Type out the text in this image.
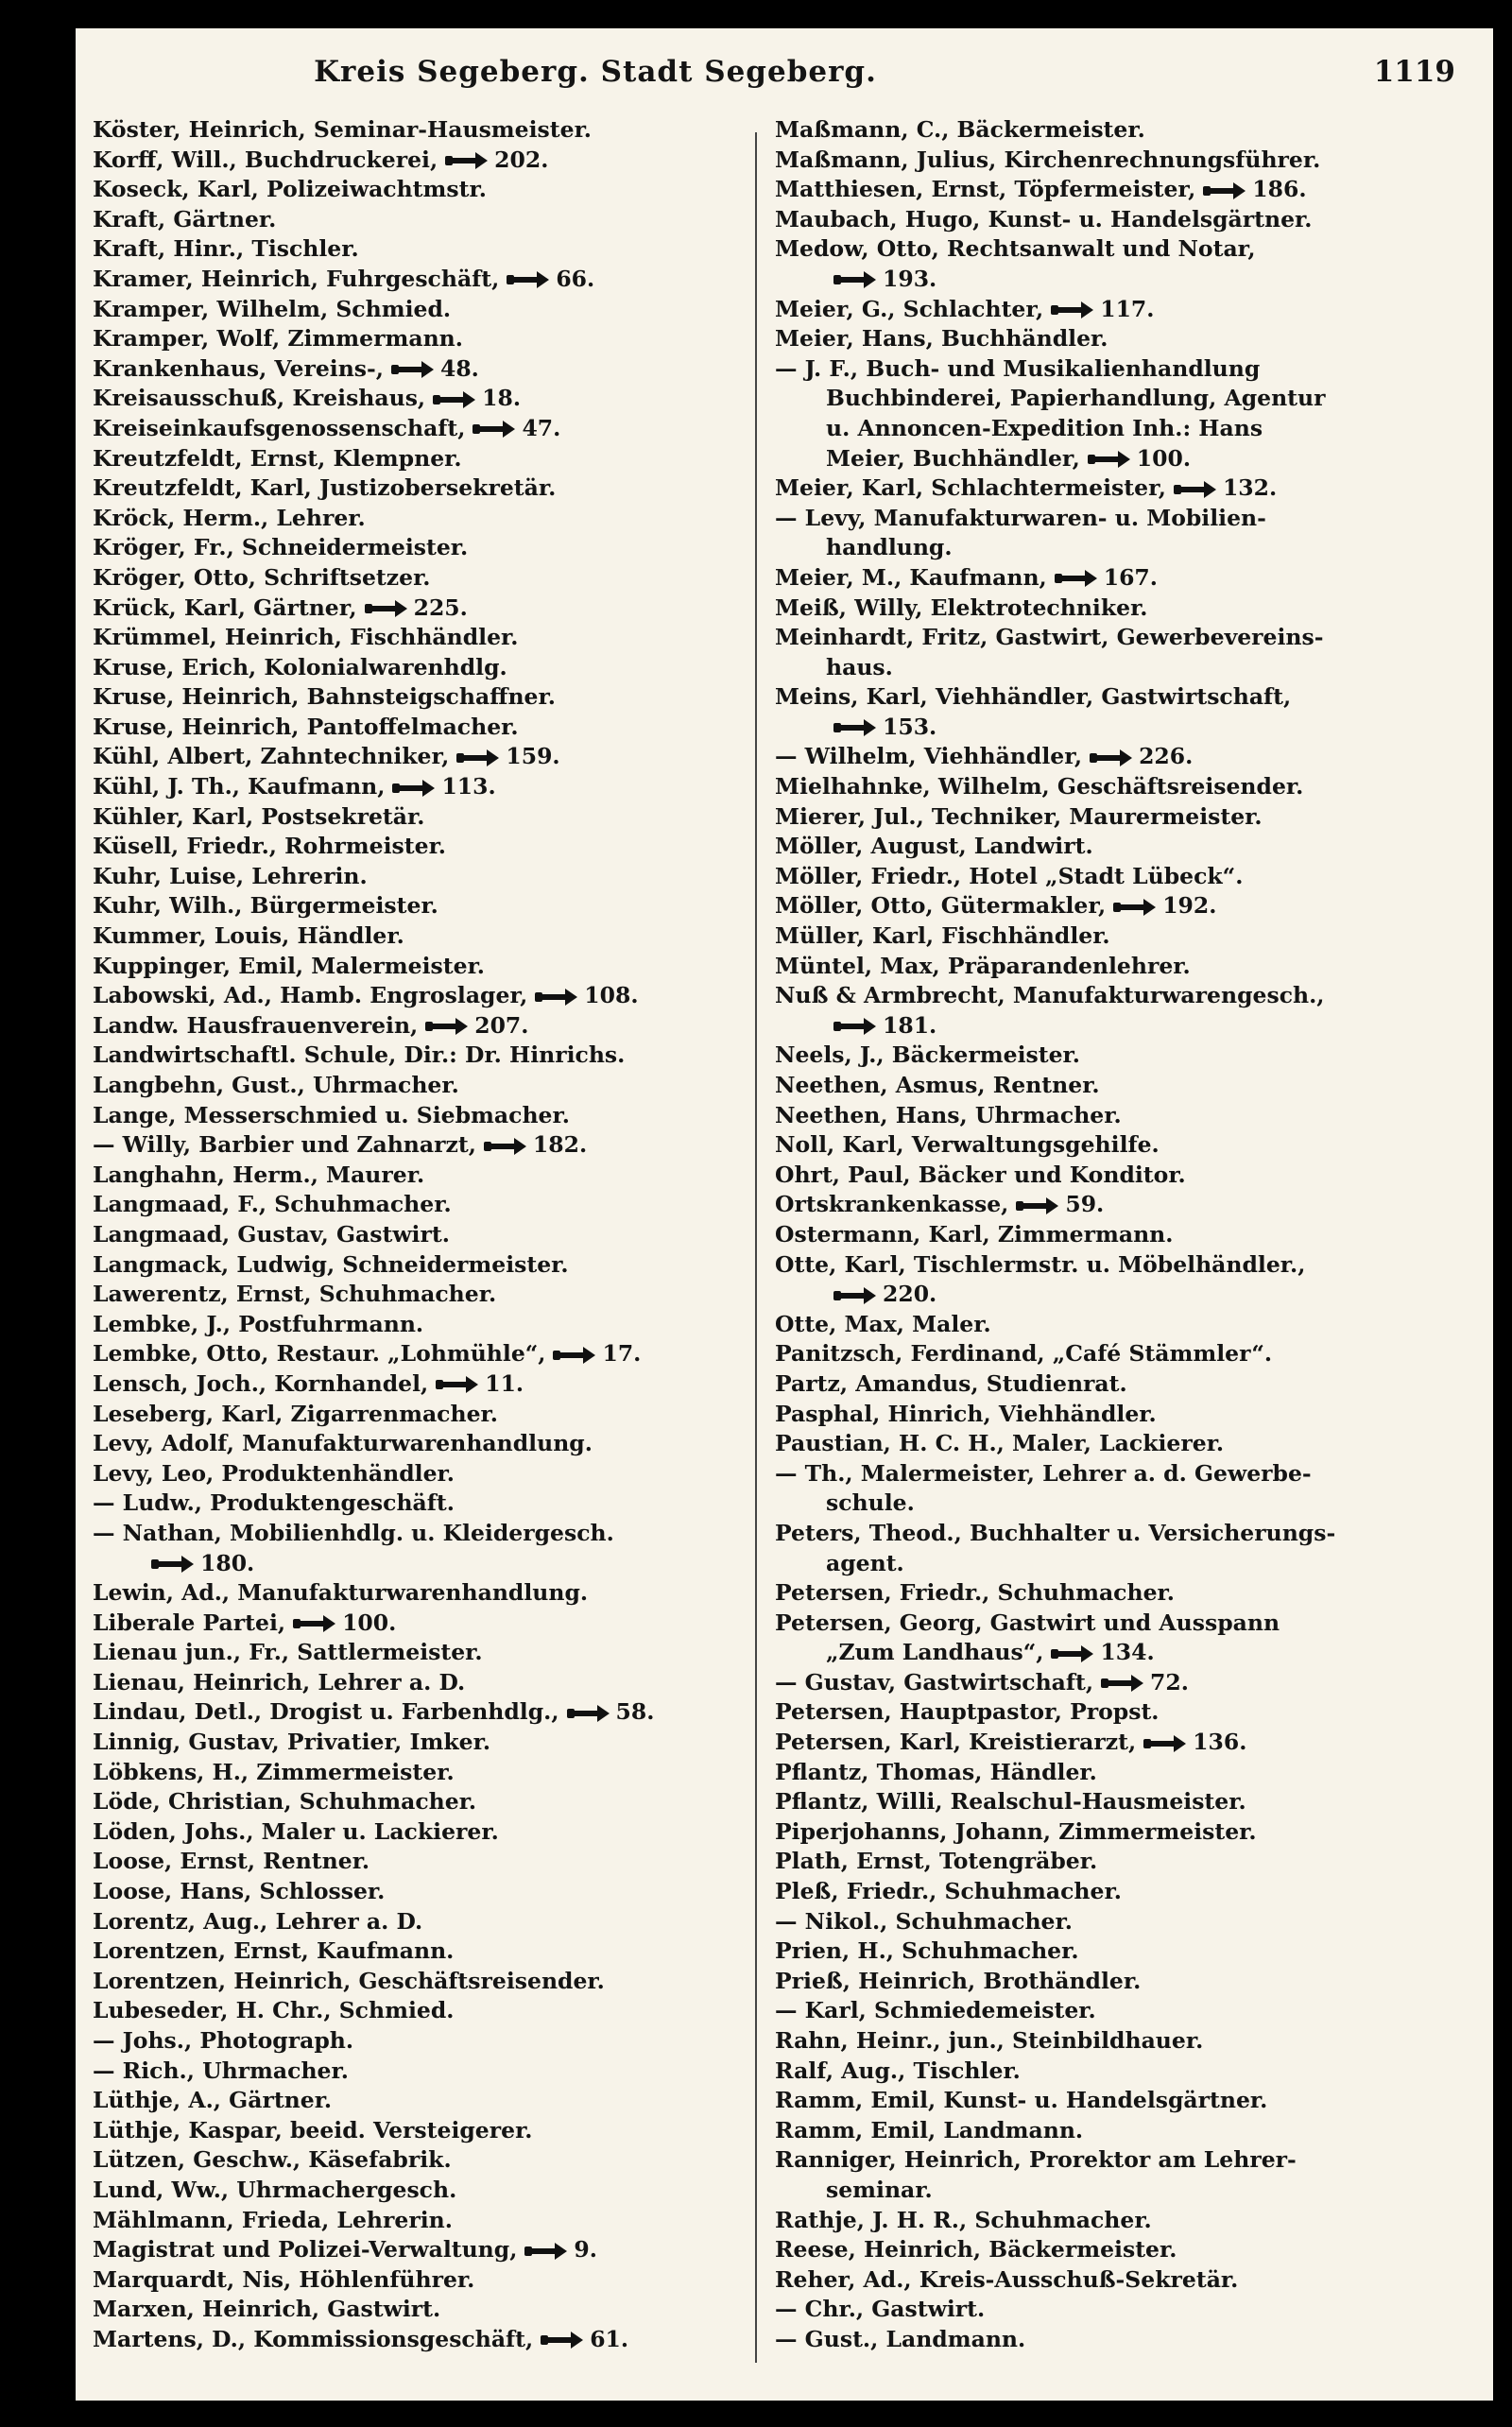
Kreis Segeberg. Stadt Segeberg.	1119
Köster, Heinrich, Seminar-Hausmeister.
Korff, Will., Buchdruckerei,	202.
Koseck, Karl, Polizeiwachtmstr.
Kraft, Gärtner.
Kraft, Hinr., Tischler.
Kramer, Heinrich, Fuhrgeschäft,	66.
Kramper, Wilhelm, Schmied.
Kramper, Wolf, Zimmermann.
Krankenhaus, Vereins-,	48.
Kreisausschuß, Kreishaus,	18.
Kreiseinkaufsgenossenschaft,	47.
Kreutzfeldt, Ernst, Klempner.
Kreutzfeldt, Karl, Justizobersekretär.
Kröck, Herm., Lehrer.
Kröger, Fr., Schneidermeister.
Kröger, Otto, Schriftsetzer.
Krück, Karl, Gärtner,	225.
Krümmel, Heinrich, Fischhändler.
Kruse, Erich, Kolonialwarenhdlg.
Kruse, Heinrich, Bahnsteigschaffner.
Kruse, Heinrich, Pantoffelmacher.
Kühl, Albert, Zahntechniker,	159.
Kühl, J. Th., Kaufmann,	113.
Kühler, Karl, Postsekretär.
Küsell, Friedr., Rohrmeister.
Kuhr, Luise, Lehrerin.
Kuhr, Wilh., Bürgermeister.
Kummer, Louis, Händler.
Kuppinger, Emil, Malermeister.
Labowski, Ad., Hamb. Engroslager,	108.
Landw. Hausfrauenverein,	207.
Landwirtschaftl. Schule, Dir.: Dr. Hinrichs.
Langbehn, Gust., Uhrmacher.
Lange, Messerschmied u. Siebmacher.
— Willy, Barbier und Zahnarzt,	182.
Langhahn, Herm., Maurer.
Langmaad, F., Schuhmacher.
Langmaad, Gustav, Gastwirt.
Langmack, Ludwig, Schneidermeister.
Lawerentz, Ernst, Schuhmacher.
Lembke, J., Postfuhrmann.
Lembke, Otto, Restaur. „Lohmühle“,	17.
Lensch, Joch., Kornhandel,	11.
Leseberg, Karl, Zigarrenmacher.
Levy, Adolf, Manufakturwarenhandlung.
Levy, Leo, Produktenhändler.
— Ludw., Produktengeschäft.
— Nathan, Mobilienhdlg. u. Kleidergesch.
180.
Lewin, Ad., Manufakturwarenhandlung.
Liberale Partei,	100.
Lienau jun., Fr., Sattlermeister.
Lienau, Heinrich, Lehrer a. D.
Lindau, Detl., Drogist u. Farbenhdlg.,	58.
Linnig, Gustav, Privatier, Imker.
Löbkens, H., Zimmermeister.
Löde, Christian, Schuhmacher.
Löden, Johs., Maler u. Lackierer.
Loose, Ernst, Rentner.
Loose, Hans, Schlosser.
Lorentz, Aug., Lehrer a. D.
Lorentzen, Ernst, Kaufmann.
Lorentzen, Heinrich, Geschäftsreisender.
Lubeseder, H. Chr., Schmied.
— Johs., Photograph.
— Rich., Uhrmacher.
Lüthje, A., Gärtner.
Lüthje, Kaspar, beeid. Versteigerer.
Lützen, Geschw., Käsefabrik.
Lund, Ww., Uhrmachergesch.
Mählmann, Frieda, Lehrerin.
Magistrat und Polizei-Verwaltung,	9.
Marquardt, Nis, Höhlenführer.
Marxen, Heinrich, Gastwirt.
Martens, D., Kommissionsgeschäft,	61.
Maßmann, C., Bäckermeister.
Maßmann, Julius, Kirchenrechnungsführer.
Matthiesen, Ernst, Töpfermeister,	186.
Maubach, Hugo, Kunst- u. Handelsgärtner.
Medow, Otto, Rechtsanwalt und Notar,
193.
Meier, G., Schlachter,	117.
Meier, Hans, Buchhändler.
— J. F., Buch- und Musikalienhandlung
Buchbinderei, Papierhandlung, Agentur
u. Annoncen-Expedition Inh.: Hans
Meier, Buchhändler,	100.
Meier, Karl, Schlachtermeister,	132.
— Levy, Manufakturwaren- u. Mobilien-
handlung.
Meier, M., Kaufmann,	167.
Meiß, Willy, Elektrotechniker.
Meinhardt, Fritz, Gastwirt, Gewerbevereins-
haus.
Meins, Karl, Viehhändler, Gastwirtschaft,
153.
— Wilhelm, Viehhändler,	226.
Mielhahnke, Wilhelm, Geschäftsreisender.
Mierer, Jul., Techniker, Maurermeister.
Möller, August, Landwirt.
Möller, Friedr., Hotel „Stadt Lübeck“.
Möller, Otto, Gütermakler,	192.
Müller, Karl, Fischhändler.
Müntel, Max, Präparandenlehrer.
Nuß & Armbrecht, Manufakturwarengesch.,
181.
Neels, J., Bäckermeister.
Neethen, Asmus, Rentner.
Neethen, Hans, Uhrmacher.
Noll, Karl, Verwaltungsgehilfe.
Ohrt, Paul, Bäcker und Konditor.
Ortskrankenkasse,	59.
Ostermann, Karl, Zimmermann.
Otte, Karl, Tischlermstr. u. Möbelhändler.,
220.
Otte, Max, Maler.
Panitzsch, Ferdinand, „Café Stämmler“.
Partz, Amandus, Studienrat.
Pasphal, Hinrich, Viehhändler.
Paustian, H. C. H., Maler, Lackierer.
— Th., Malermeister, Lehrer a. d. Gewerbe-
schule.
Peters, Theod., Buchhalter u. Versicherungs-
agent.
Petersen, Friedr., Schuhmacher.
Petersen, Georg, Gastwirt und Ausspann
„Zum Landhaus“,	134.
— Gustav, Gastwirtschaft,	72.
Petersen, Hauptpastor, Propst.
Petersen, Karl, Kreistierarzt,	136.
Pflantz, Thomas, Händler.
Pflantz, Willi, Realschul-Hausmeister.
Piperjohanns, Johann, Zimmermeister.
Plath, Ernst, Totengräber.
Pleß, Friedr., Schuhmacher.
— Nikol., Schuhmacher.
Prien, H., Schuhmacher.
Prieß, Heinrich, Brothändler.
— Karl, Schmiedemeister.
Rahn, Heinr., jun., Steinbildhauer.
Ralf, Aug., Tischler.
Ramm, Emil, Kunst- u. Handelsgärtner.
Ramm, Emil, Landmann.
Ranniger, Heinrich, Prorektor am Lehrer-
seminar.
Rathje, J. H. R., Schuhmacher.
Reese, Heinrich, Bäckermeister.
Reher, Ad., Kreis-Ausschuß-Sekretär.
— Chr., Gastwirt.
— Gust., Landmann.
